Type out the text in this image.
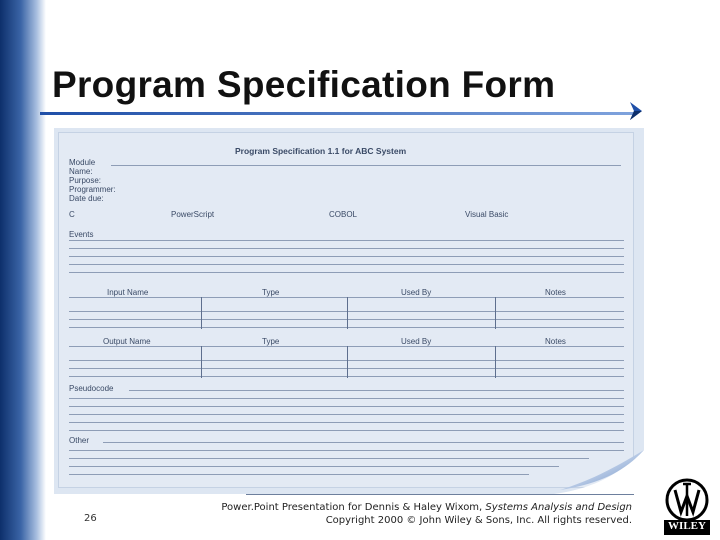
Program Specification Form
Program Specification 1.1 for ABC System
Module
Name:
Purpose:
Programmer:
Date due:
C	PowerScript	COBOL	Visual Basic
Events
Input Name	Type	Used By	Notes
Output Name	Type	Used By	Notes
Pseudocode
Other
26
Power.Point Presentation for Dennis & Haley Wixom, Systems Analysis and Design
Copyright 2000 © John Wiley & Sons, Inc. All rights reserved.	WILEY
